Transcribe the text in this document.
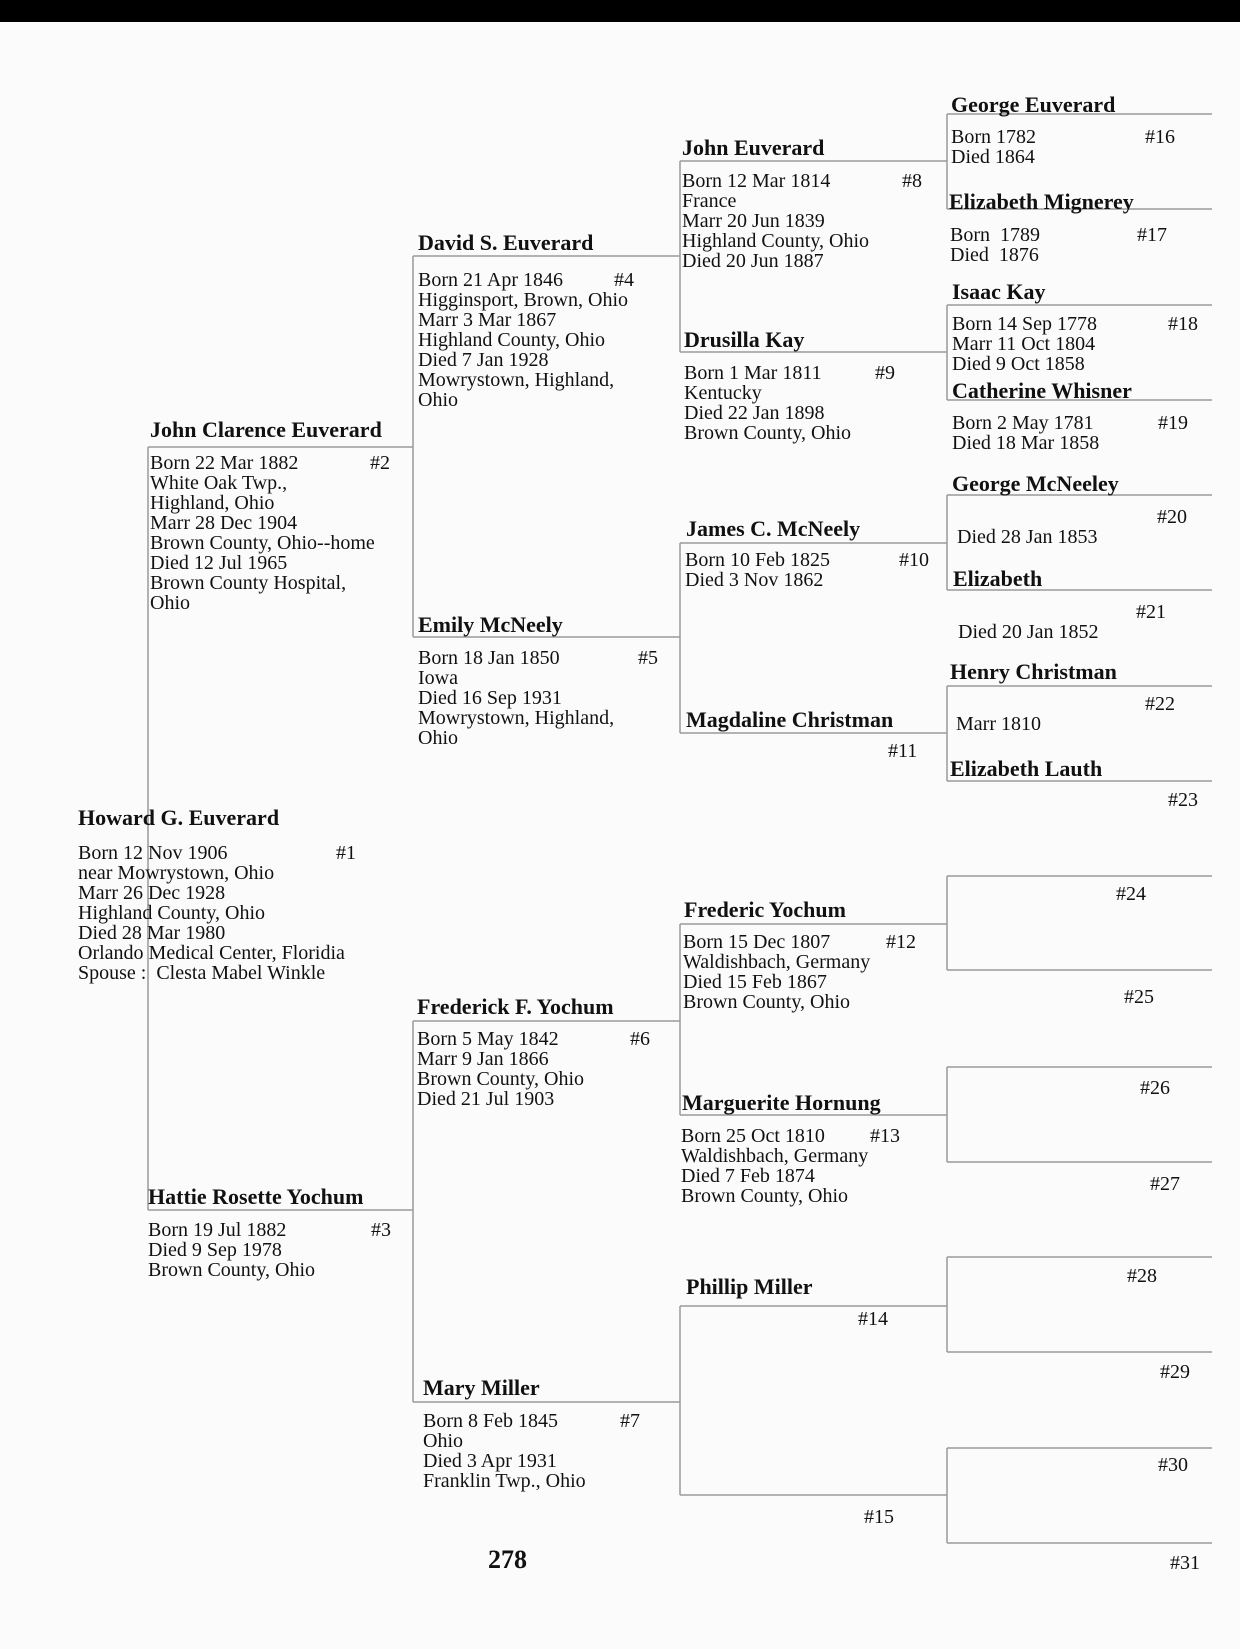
Howard G. Euverard
Born 12 Nov 1906
near Mowrystown, Ohio
Marr 26 Dec 1928
Highland County, Ohio
Died 28 Mar 1980
Orlando Medical Center, Floridia
Spouse :  Clesta Mabel Winkle
#1
John Clarence Euverard
Born 22 Mar 1882
White Oak Twp.,
Highland, Ohio
Marr 28 Dec 1904
Brown County, Ohio--home
Died 12 Jul 1965
Brown County Hospital,
Ohio
#2
Hattie Rosette Yochum
Born 19 Jul 1882
Died 9 Sep 1978
Brown County, Ohio
#3
David S. Euverard
Born 21 Apr 1846
Higginsport, Brown, Ohio
Marr 3 Mar 1867
Highland County, Ohio
Died 7 Jan 1928
Mowrystown, Highland,
Ohio
#4
Emily McNeely
Born 18 Jan 1850
Iowa
Died 16 Sep 1931
Mowrystown, Highland,
Ohio
#5
Frederick F. Yochum
Born 5 May 1842
Marr 9 Jan 1866
Brown County, Ohio
Died 21 Jul 1903
#6
Mary Miller
Born 8 Feb 1845
Ohio
Died 3 Apr 1931
Franklin Twp., Ohio
#7
John Euverard
Born 12 Mar 1814
France
Marr 20 Jun 1839
Highland County, Ohio
Died 20 Jun 1887
#8
Drusilla Kay
Born 1 Mar 1811
Kentucky
Died 22 Jan 1898
Brown County, Ohio
#9
James C. McNeely
Born 10 Feb 1825
Died 3 Nov 1862
#10
Magdaline Christman
#11
Frederic Yochum
Born 15 Dec 1807
Waldishbach, Germany
Died 15 Feb 1867
Brown County, Ohio
#12
Marguerite Hornung
Born 25 Oct 1810
Waldishbach, Germany
Died 7 Feb 1874
Brown County, Ohio
#13
Phillip Miller
#14
#15
George Euverard
Born 1782
Died 1864
#16
Elizabeth Mignerey
Born  1789
Died  1876
#17
Isaac Kay
Born 14 Sep 1778
Marr 11 Oct 1804
Died 9 Oct 1858
#18
Catherine Whisner
Born 2 May 1781
Died 18 Mar 1858
#19
George McNeeley
#20
Died 28 Jan 1853
Elizabeth
#21
Died 20 Jan 1852
Henry Christman
#22
Marr 1810
Elizabeth Lauth
#23
#24
#25
#26
#27
#28
#29
#30
#31
278
